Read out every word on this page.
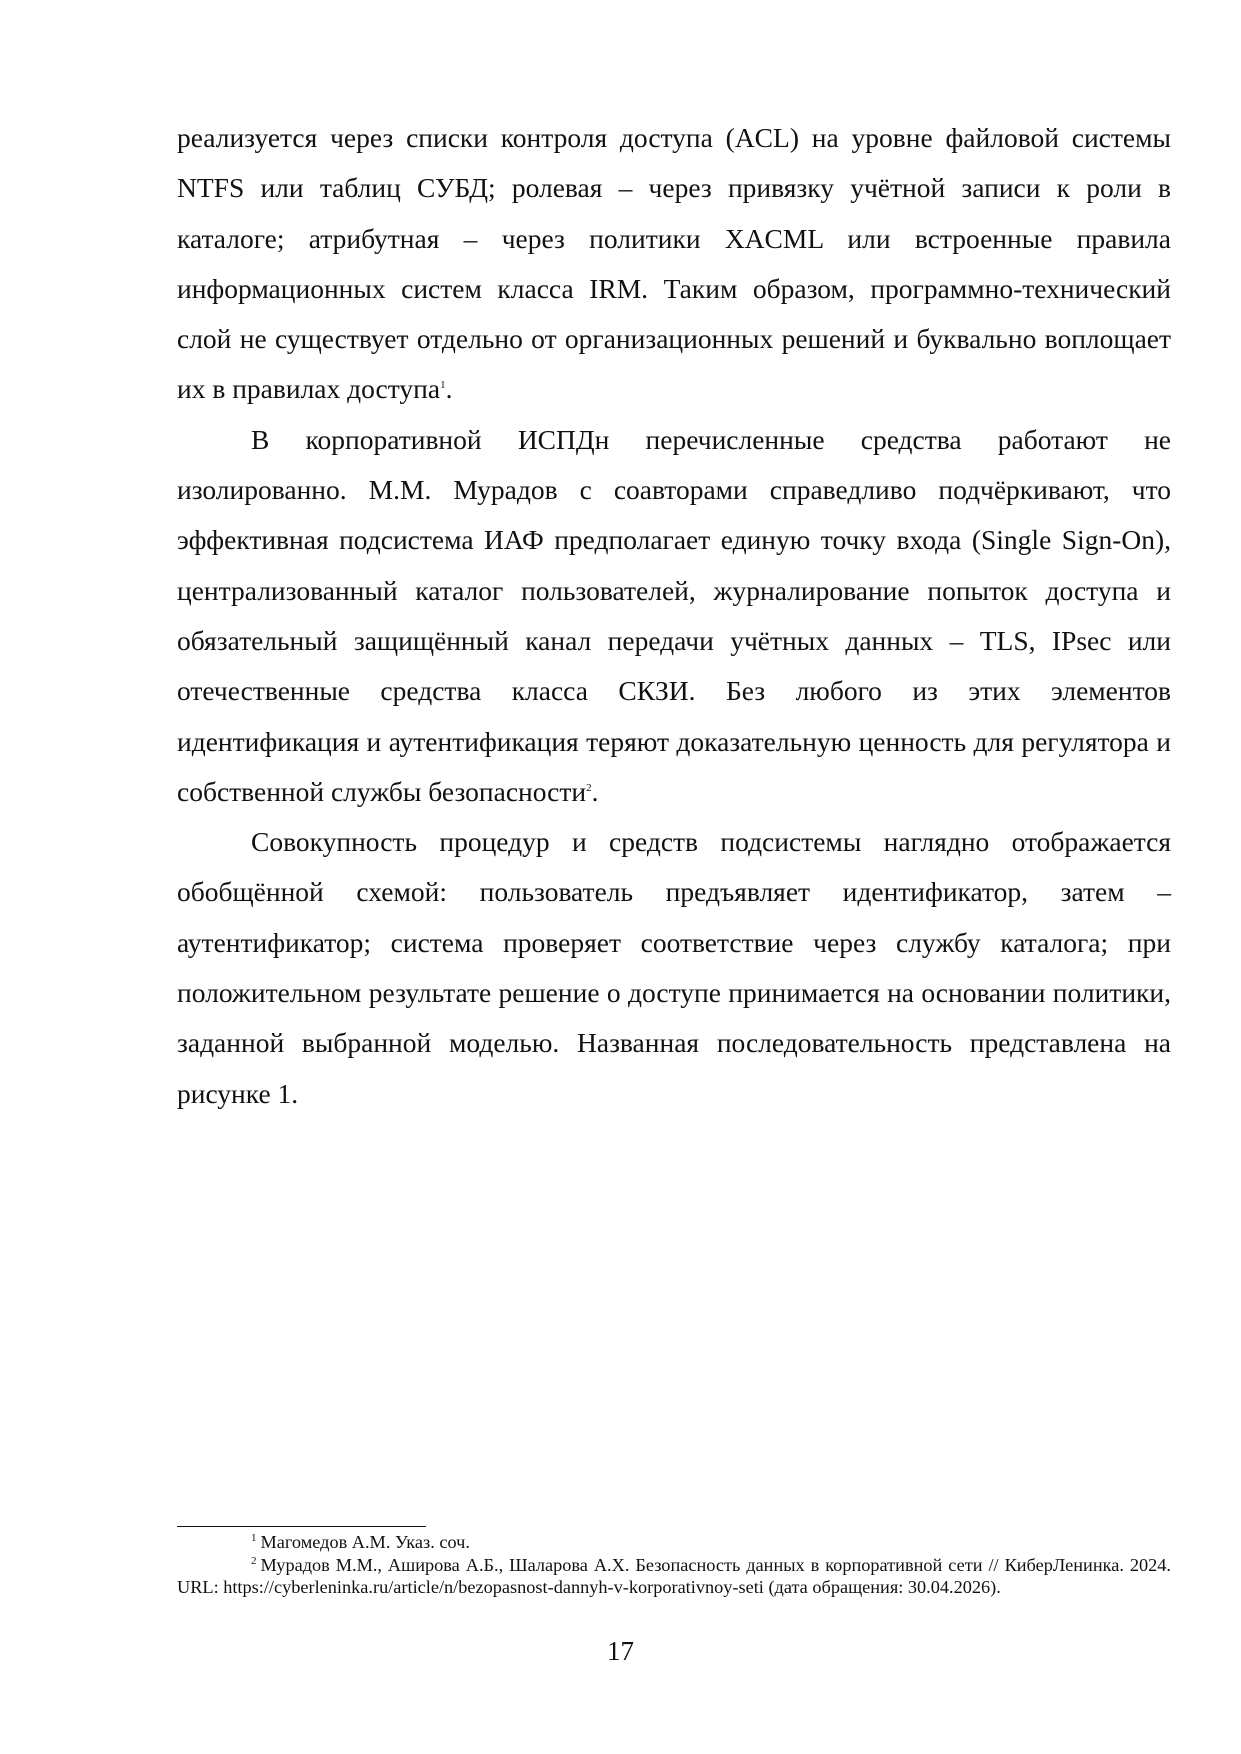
реализуется через списки контроля доступа (ACL) на уровне файловой системы NTFS или таблиц СУБД; ролевая – через привязку учётной записи к роли в каталоге; атрибутная – через политики XACML или встроенные правила информационных систем класса IRM. Таким образом, программно-технический слой не существует отдельно от организационных решений и буквально воплощает их в правилах доступа$^1$.

В корпоративной ИСПДн перечисленные средства работают не изолированно. М.М. Мурадов с соавторами справедливо подчёркивают, что эффективная подсистема ИАФ предполагает единую точку входа (Single Sign-On), централизованный каталог пользователей, журналирование попыток доступа и обязательный защищённый канал передачи учётных данных – TLS, IPsec или отечественные средства класса СКЗИ. Без любого из этих элементов идентификация и аутентификация теряют доказательную ценность для регулятора и собственной службы безопасности$^2$.

Совокупность процедур и средств подсистемы наглядно отображается обобщённой схемой: пользователь предъявляет идентификатор, затем – аутентификатор; система проверяет соответствие через службу каталога; при положительном результате решение о доступе принимается на основании политики, заданной выбранной моделью. Названная последовательность представлена на рисунке 1.

$^1$ Магомедов А.М. Указ. соч.

$^2$ Мурадов М.М., Аширова А.Б., Шаларова А.Х. Безопасность данных в корпоративной сети // КиберЛенинка. 2024. URL: https://cyberleninka.ru/article/n/bezopasnost-dannyh-v-korporativnoy-seti (дата обращения: 30.04.2026).

17
